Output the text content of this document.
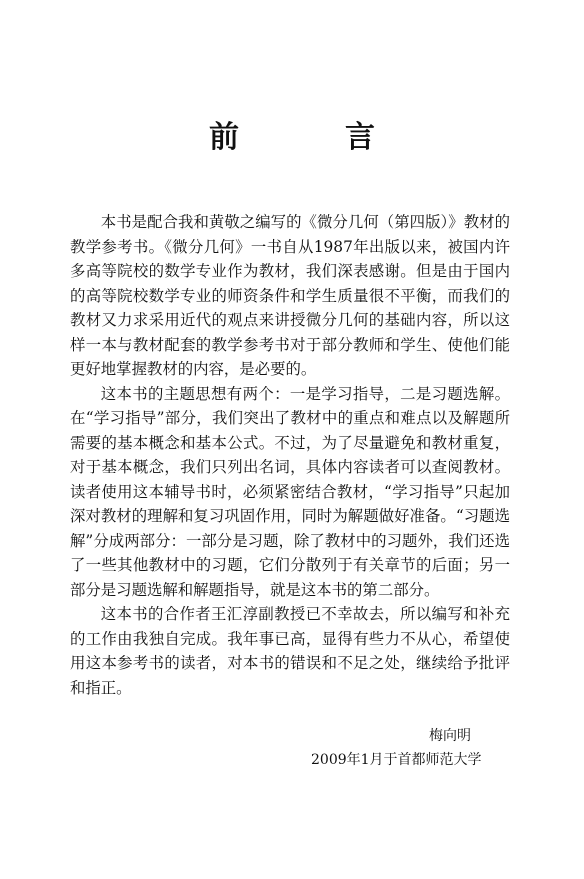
前　言

本书是配合我和黄敬之编写的《微分几何（第四版）》教材的教学参考书。《微分几何》一书自从1987年出版以来，被国内许多高等院校的数学专业作为教材，我们深表感谢。但是由于国内的高等院校数学专业的师资条件和学生质量很不平衡，而我们的教材又力求采用近代的观点来讲授微分几何的基础内容，所以这样一本与教材配套的教学参考书对于部分教师和学生、使他们能更好地掌握教材的内容，是必要的。

这本书的主题思想有两个：一是学习指导，二是习题选解。在“学习指导”部分，我们突出了教材中的重点和难点以及解题所需要的基本概念和基本公式。不过，为了尽量避免和教材重复，对于基本概念，我们只列出名词，具体内容读者可以查阅教材。读者使用这本辅导书时，必须紧密结合教材，“学习指导”只起加深对教材的理解和复习巩固作用，同时为解题做好准备。“习题选解”分成两部分：一部分是习题，除了教材中的习题外，我们还选了一些其他教材中的习题，它们分散列于有关章节的后面；另一部分是习题选解和解题指导，就是这本书的第二部分。

这本书的合作者王汇淳副教授已不幸故去，所以编写和补充的工作由我独自完成。我年事已高，显得有些力不从心，希望使用这本参考书的读者，对本书的错误和不足之处，继续给予批评和指正。

梅向明
2009年1月于首都师范大学
